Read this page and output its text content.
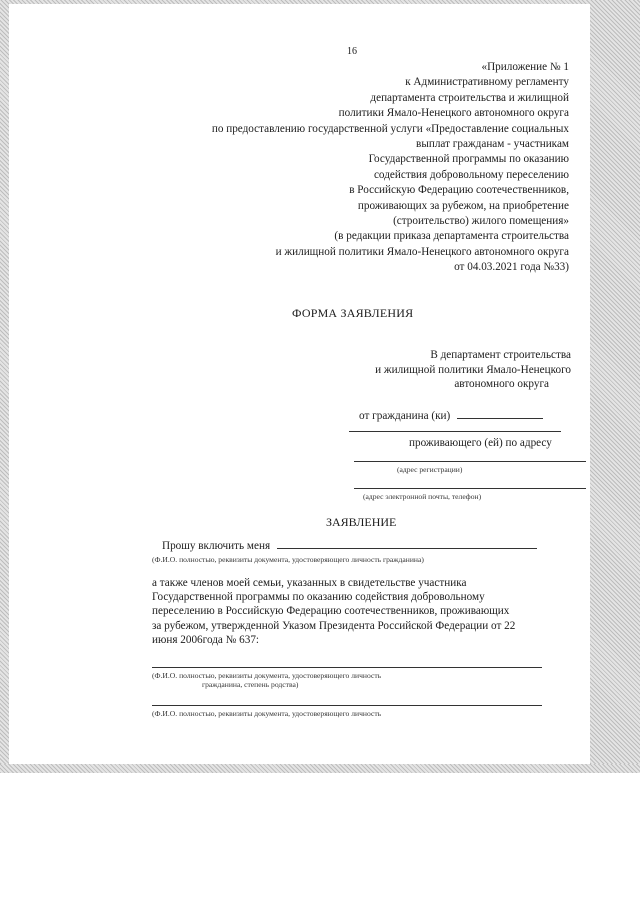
16
«Приложение № 1
к Административному регламенту
департамента строительства и жилищной
политики Ямало-Ненецкого автономного округа
по предоставлению государственной услуги «Предоставление социальных
выплат гражданам - участникам
Государственной программы по оказанию
содействия добровольному переселению
в Российскую Федерацию соотечественников,
проживающих за рубежом, на приобретение
(строительство) жилого помещения»
(в редакции приказа департамента строительства
и жилищной политики Ямало-Ненецкого автономного округа
от 04.03.2021 года №33)
ФОРМА ЗАЯВЛЕНИЯ
В департамент строительства
и жилищной политики Ямало-Ненецкого
автономного округа
от гражданина (ки)
проживающего (ей) по адресу
(адрес регистрации)
(адрес электронной почты, телефон)
ЗАЯВЛЕНИЕ
Прошу включить меня
(Ф.И.О. полностью, реквизиты документа, удостоверяющего личность гражданина)
а также членов моей семьи, указанных в свидетельстве участника
Государственной программы по оказанию содействия добровольному
переселению в Российскую Федерацию соотечественников, проживающих
за рубежом, утвержденной Указом Президента Российской Федерации от 22
июня 2006года № 637:
(Ф.И.О. полностью, реквизиты документа, удостоверяющего личность
гражданина, степень родства)
(Ф.И.О. полностью, реквизиты документа, удостоверяющего личность
